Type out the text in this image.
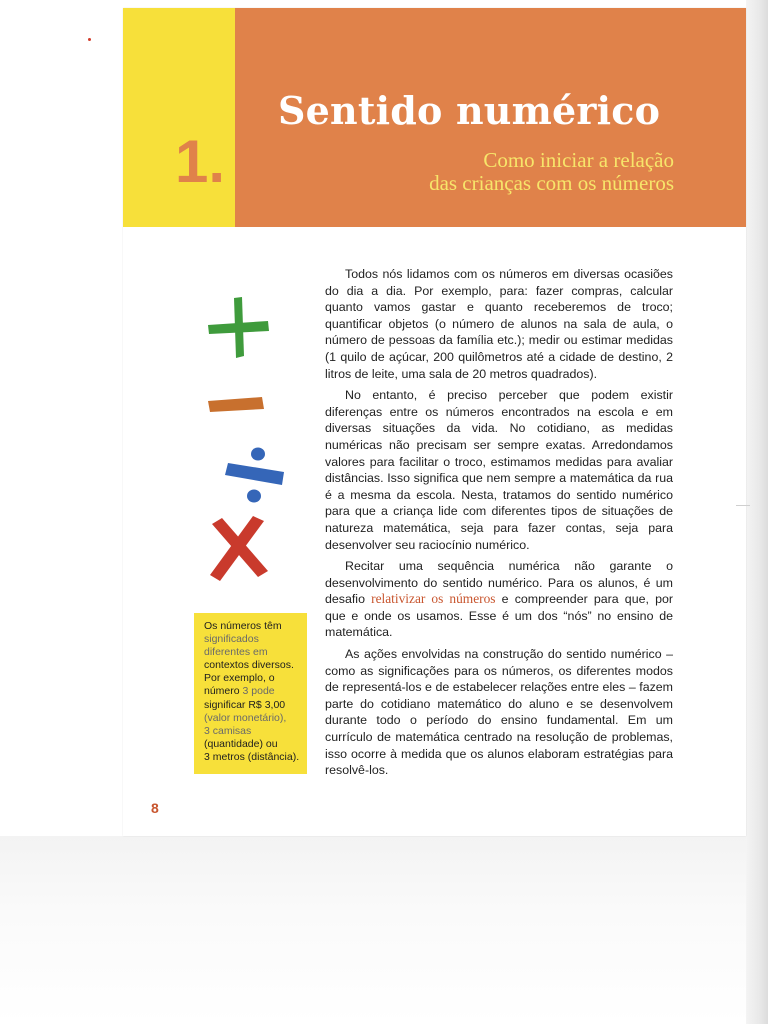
1.
Sentido numérico
Como iniciar a relação
das crianças com os números
Os números têm
significados
diferentes em
contextos diversos.
Por exemplo, o
número 3 pode
significar R$ 3,00
(valor monetário),
3 camisas
(quantidade) ou
3 metros (distância).

Todos nós lidamos com os números em diversas ocasiões do dia a dia. Por exemplo, para: fazer compras, calcular quanto vamos gastar e quanto receberemos de troco; quantificar objetos (o número de alunos na sala de aula, o número de pessoas da família etc.); medir ou estimar medidas (1 quilo de açúcar, 200 quilômetros até a cidade de destino, 2 litros de leite, uma sala de 20 metros quadrados).

No entanto, é preciso perceber que podem existir diferenças entre os números encontrados na escola e em diversas situações da vida. No cotidiano, as medidas numéricas não precisam ser sempre exatas. Arredondamos valores para facilitar o troco, estimamos medidas para avaliar distâncias. Isso significa que nem sempre a matemática da rua é a mesma da escola. Nesta, tratamos do sentido numérico para que a criança lide com diferentes tipos de situações de natureza matemática, seja para fazer contas, seja para desenvolver seu raciocínio numérico.

Recitar uma sequência numérica não garante o desenvolvimento do sentido numérico. Para os alunos, é um desafio relativizar os números e compreender para que, por que e onde os usamos. Esse é um dos “nós” no ensino de matemática.

As ações envolvidas na construção do sentido numérico – como as significações para os números, os diferentes modos de representá-los e de estabelecer relações entre eles – fazem parte do cotidiano matemático do aluno e se desenvolvem durante todo o período do ensino fundamental. Em um currículo de matemática centrado na resolução de problemas, isso ocorre à medida que os alunos elaboram estratégias para resolvê-los.

8
